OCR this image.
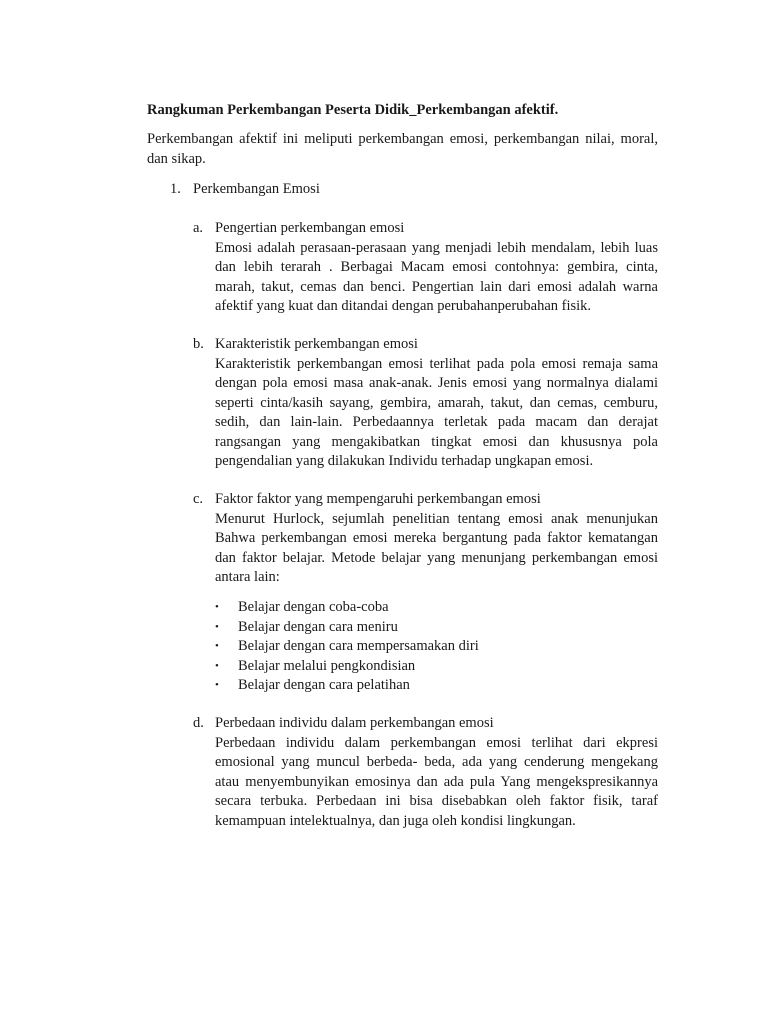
Rangkuman Perkembangan Peserta Didik_Perkembangan afektif.

Perkembangan afektif ini meliputi perkembangan emosi, perkembangan nilai, moral, dan sikap.

1. Perkembangan Emosi

a. Pengertian perkembangan emosi
Emosi adalah perasaan-perasaan yang menjadi lebih mendalam, lebih luas dan lebih terarah . Berbagai Macam emosi contohnya: gembira, cinta, marah, takut, cemas dan benci. Pengertian lain dari emosi adalah warna afektif yang kuat dan ditandai dengan perubahanperubahan fisik.
b. Karakteristik perkembangan emosi
Karakteristik perkembangan emosi terlihat pada pola emosi remaja sama dengan pola emosi masa anak-anak. Jenis emosi yang normalnya dialami seperti cinta/kasih sayang, gembira, amarah, takut, dan cemas, cemburu, sedih, dan lain-lain. Perbedaannya terletak pada macam dan derajat rangsangan yang mengakibatkan tingkat emosi dan khususnya pola pengendalian yang dilakukan Individu terhadap ungkapan emosi.
c. Faktor faktor yang mempengaruhi perkembangan emosi
Menurut Hurlock, sejumlah penelitian tentang emosi anak menunjukan Bahwa perkembangan emosi mereka bergantung pada faktor kematangan dan faktor belajar. Metode belajar yang menunjang perkembangan emosi antara lain:
•	Belajar dengan coba-coba
•	Belajar dengan cara meniru
•	Belajar dengan cara mempersamakan diri
•	Belajar melalui pengkondisian
•	Belajar dengan cara pelatihan
d. Perbedaan individu dalam perkembangan emosi
Perbedaan individu dalam perkembangan emosi terlihat dari ekpresi emosional yang muncul berbeda- beda, ada yang cenderung mengekang atau menyembunyikan emosinya dan ada pula Yang mengekspresikannya secara terbuka. Perbedaan ini bisa disebabkan oleh faktor fisik, taraf kemampuan intelektualnya, dan juga oleh kondisi lingkungan.
